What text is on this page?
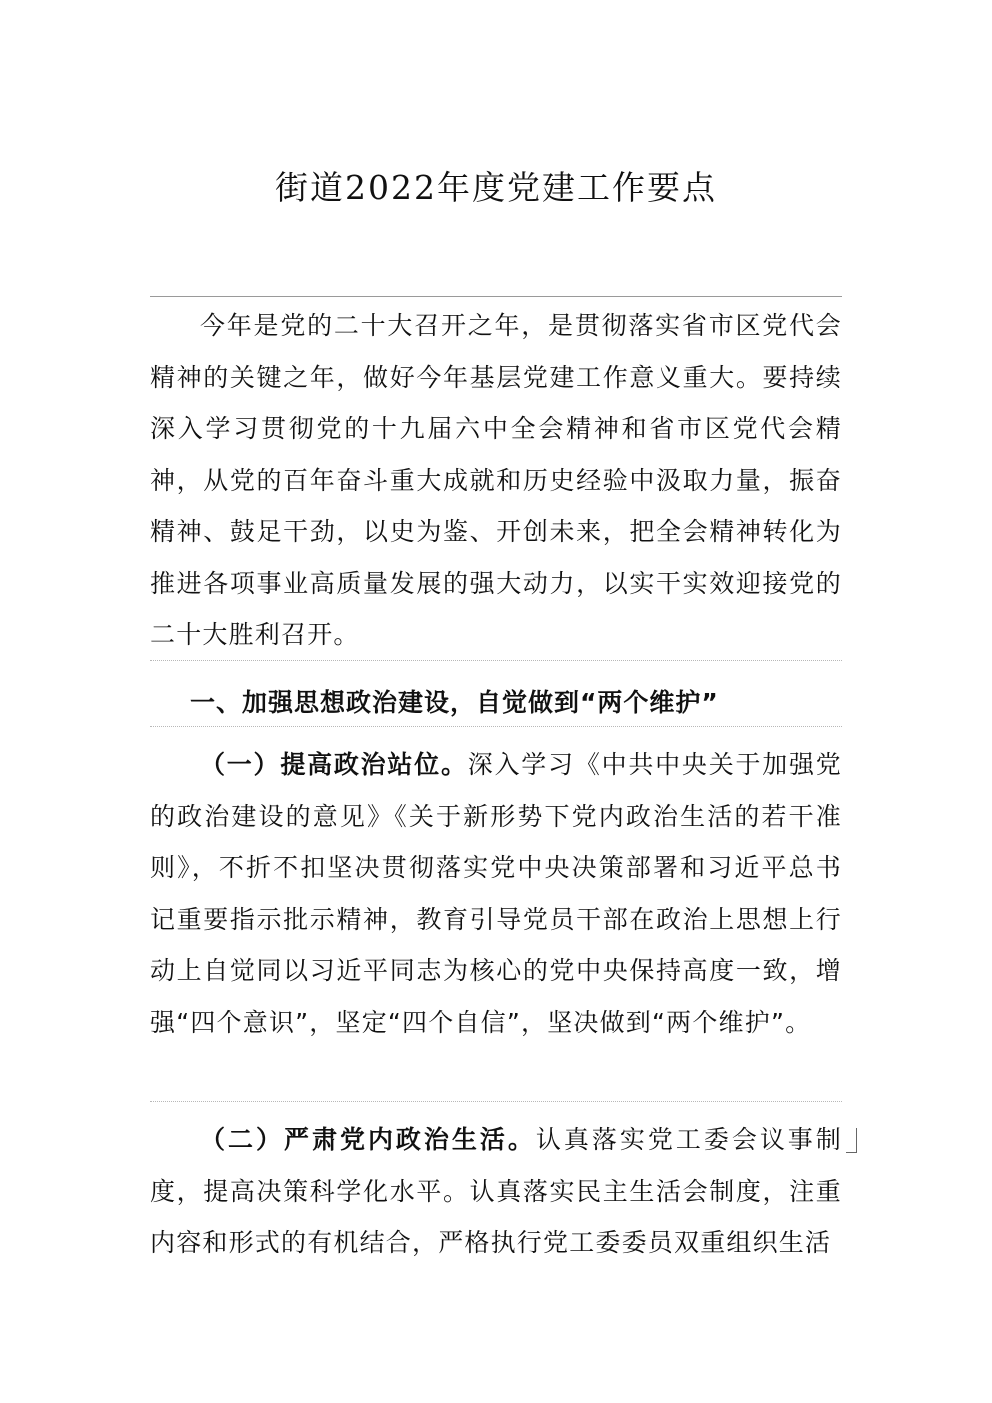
街道2022年度党建工作要点

今年是党的二十大召开之年，是贯彻落实省市区党代会精神的关键之年，做好今年基层党建工作意义重大。要持续深入学习贯彻党的十九届六中全会精神和省市区党代会精神，从党的百年奋斗重大成就和历史经验中汲取力量，振奋精神、鼓足干劲，以史为鉴、开创未来，把全会精神转化为推进各项事业高质量发展的强大动力，以实干实效迎接党的二十大胜利召开。

一、加强思想政治建设，自觉做到“两个维护”

（一）提高政治站位。深入学习《中共中央关于加强党的政治建设的意见》《关于新形势下党内政治生活的若干准则》，不折不扣坚决贯彻落实党中央决策部署和习近平总书记重要指示批示精神，教育引导党员干部在政治上思想上行动上自觉同以习近平同志为核心的党中央保持高度一致，增强“四个意识”，坚定“四个自信”，坚决做到“两个维护”。

（二）严肃党内政治生活。认真落实党工委会议事制度，提高决策科学化水平。认真落实民主生活会制度，注重内容和形式的有机结合，严格执行党工委委员双重组织生活
